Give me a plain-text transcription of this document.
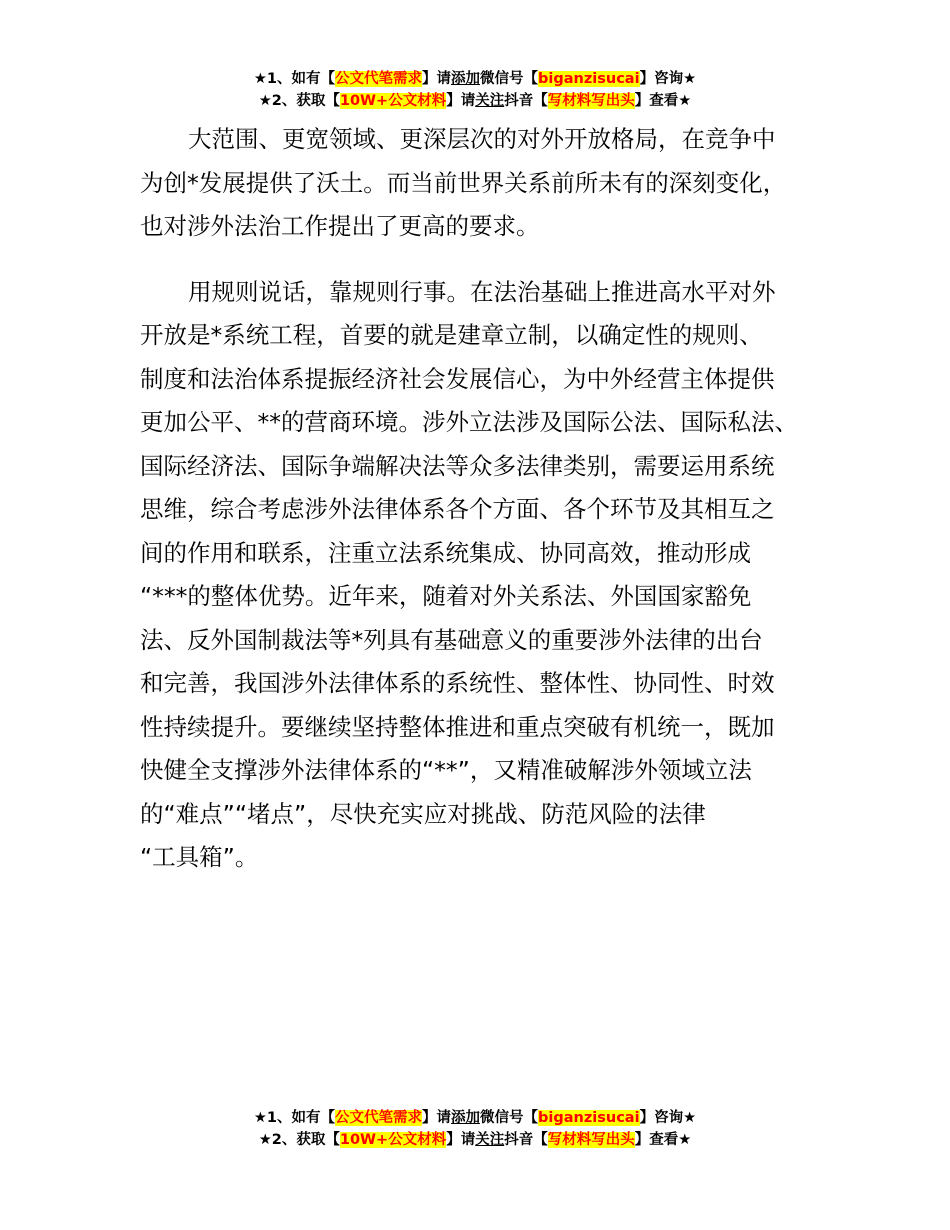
★1、如有【公文代笔需求】请添加微信号【biganzisucai】咨询★
★2、获取【10W+公文材料】请关注抖音【写材料写出头】查看★
大范围、更宽领域、更深层次的对外开放格局，在竞争中
为创*发展提供了沃土。而当前世界关系前所未有的深刻变化，
也对涉外法治工作提出了更高的要求。
用规则说话，靠规则行事。在法治基础上推进高水平对外
开放是*系统工程，首要的就是建章立制，以确定性的规则、
制度和法治体系提振经济社会发展信心，为中外经营主体提供
更加公平、**的营商环境。涉外立法涉及国际公法、国际私法、
国际经济法、国际争端解决法等众多法律类别，需要运用系统
思维，综合考虑涉外法律体系各个方面、各个环节及其相互之
间的作用和联系，注重立法系统集成、协同高效，推动形成
“***的整体优势。近年来，随着对外关系法、外国国家豁免
法、反外国制裁法等*列具有基础意义的重要涉外法律的出台
和完善，我国涉外法律体系的系统性、整体性、协同性、时效
性持续提升。要继续坚持整体推进和重点突破有机统一，既加
快健全支撑涉外法律体系的“**”，又精准破解涉外领域立法
的“难点”“堵点”，尽快充实应对挑战、防范风险的法律
“工具箱”。
★1、如有【公文代笔需求】请添加微信号【biganzisucai】咨询★
★2、获取【10W+公文材料】请关注抖音【写材料写出头】查看★
